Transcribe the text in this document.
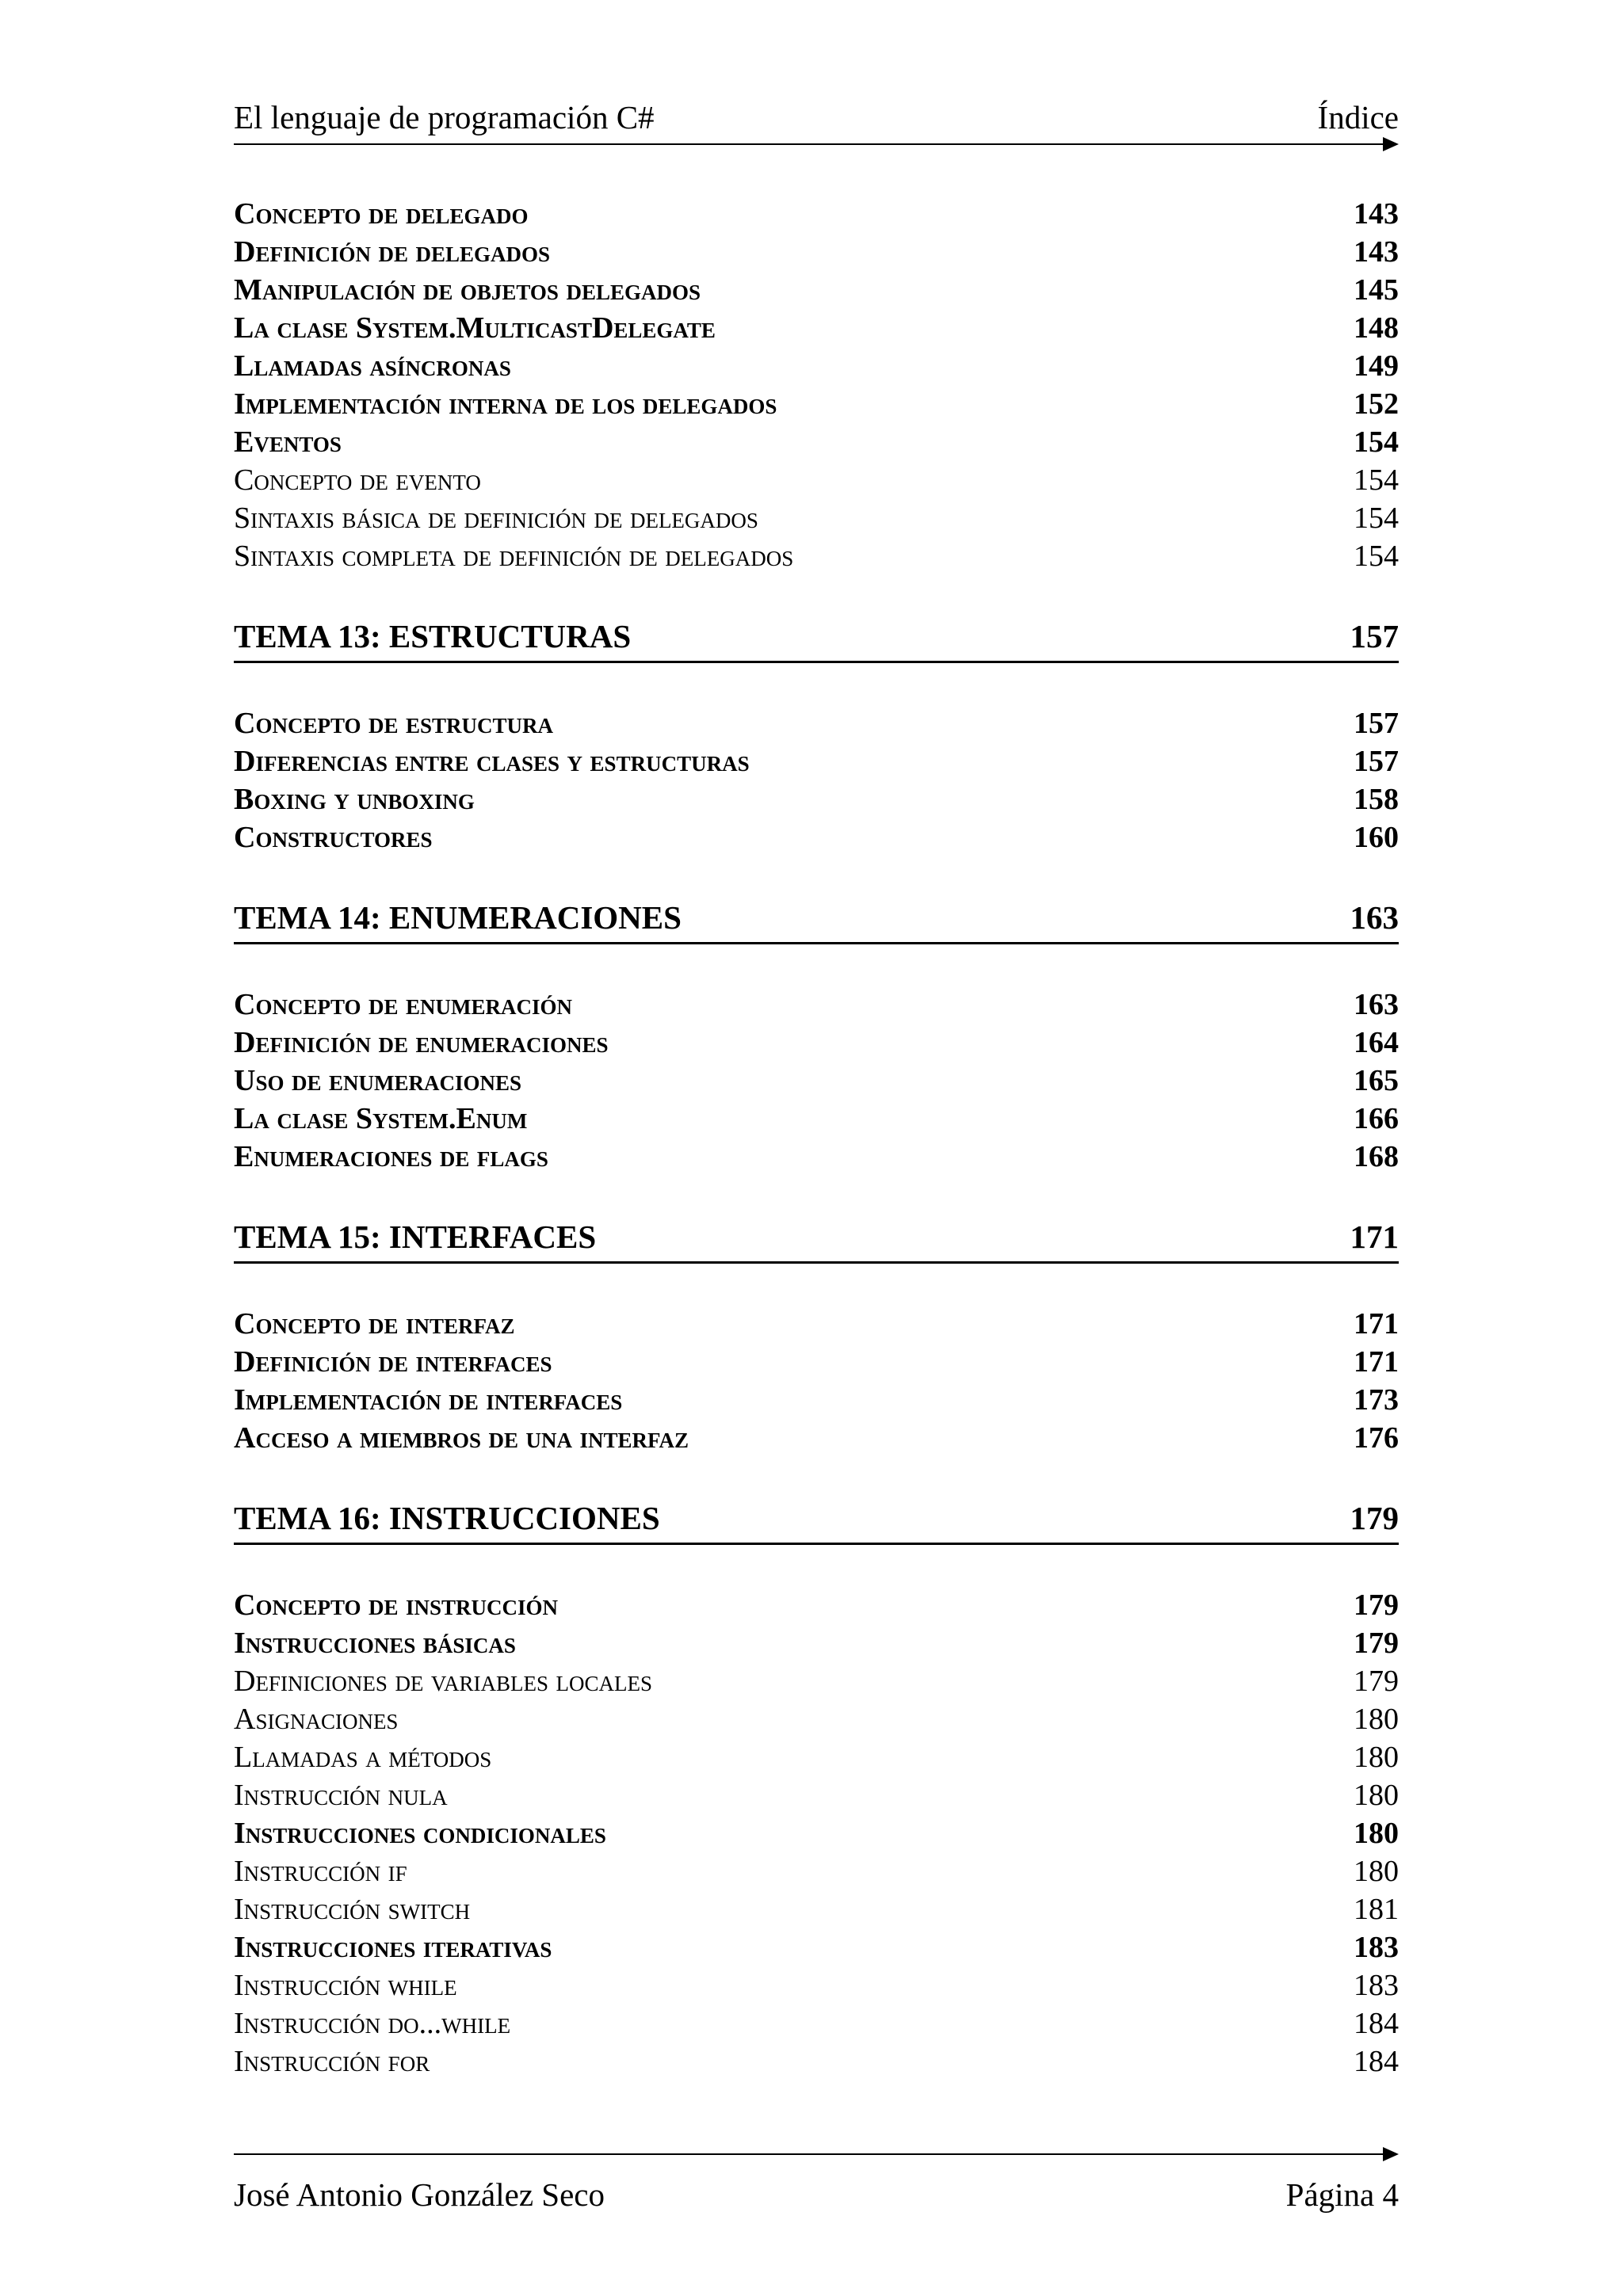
El lenguaje de programación C#	Índice
Concepto de delegado	143
Definición de delegados	143
Manipulación de objetos delegados	145
La clase System.MulticastDelegate	148
Llamadas asíncronas	149
Implementación interna de los delegados	152
Eventos	154
Concepto de evento	154
Sintaxis básica de definición de delegados	154
Sintaxis completa de definición de delegados	154
TEMA 13: ESTRUCTURAS	157
Concepto de estructura	157
Diferencias entre clases y estructuras	157
Boxing y unboxing	158
Constructores	160
TEMA 14: ENUMERACIONES	163
Concepto de enumeración	163
Definición de enumeraciones	164
Uso de enumeraciones	165
La clase System.Enum	166
Enumeraciones de flags	168
TEMA 15: INTERFACES	171
Concepto de interfaz	171
Definición de interfaces	171
Implementación de interfaces	173
Acceso a miembros de una interfaz	176
TEMA 16: INSTRUCCIONES	179
Concepto de instrucción	179
Instrucciones básicas	179
Definiciones de variables locales	179
Asignaciones	180
Llamadas a métodos	180
Instrucción nula	180
Instrucciones condicionales	180
Instrucción if	180
Instrucción switch	181
Instrucciones iterativas	183
Instrucción while	183
Instrucción do...while	184
Instrucción for	184
José Antonio González Seco	Página 4
